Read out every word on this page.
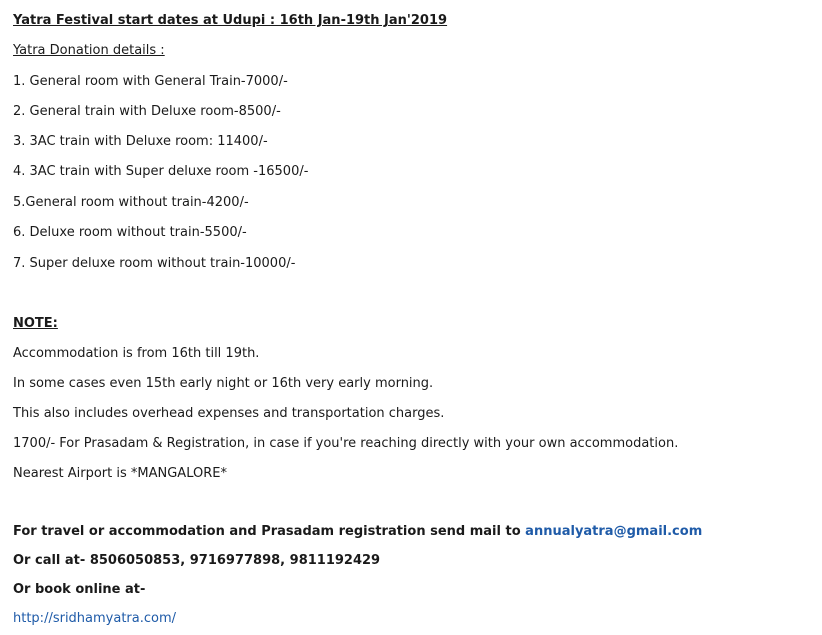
Yatra Festival start dates at Udupi : 16th Jan-19th Jan'2019
Yatra Donation details :
1. General room with General Train-7000/-
2. General train with Deluxe room-8500/-
3. 3AC train with Deluxe room: 11400/-
4. 3AC train with Super deluxe room -16500/-
5.General room without train-4200/-
6. Deluxe room without train-5500/-
7. Super deluxe room without train-10000/-
NOTE:
Accommodation is from 16th till 19th.
In some cases even 15th early night or 16th very early morning.
This also includes overhead expenses and transportation charges.
1700/- For Prasadam & Registration, in case if you're reaching directly with your own accommodation.
Nearest Airport is *MANGALORE*
For travel or accommodation and Prasadam registration send mail to annualyatra@gmail.com
Or call at- 8506050853, 9716977898, 9811192429
Or book online at-
http://sridhamyatra.com/
